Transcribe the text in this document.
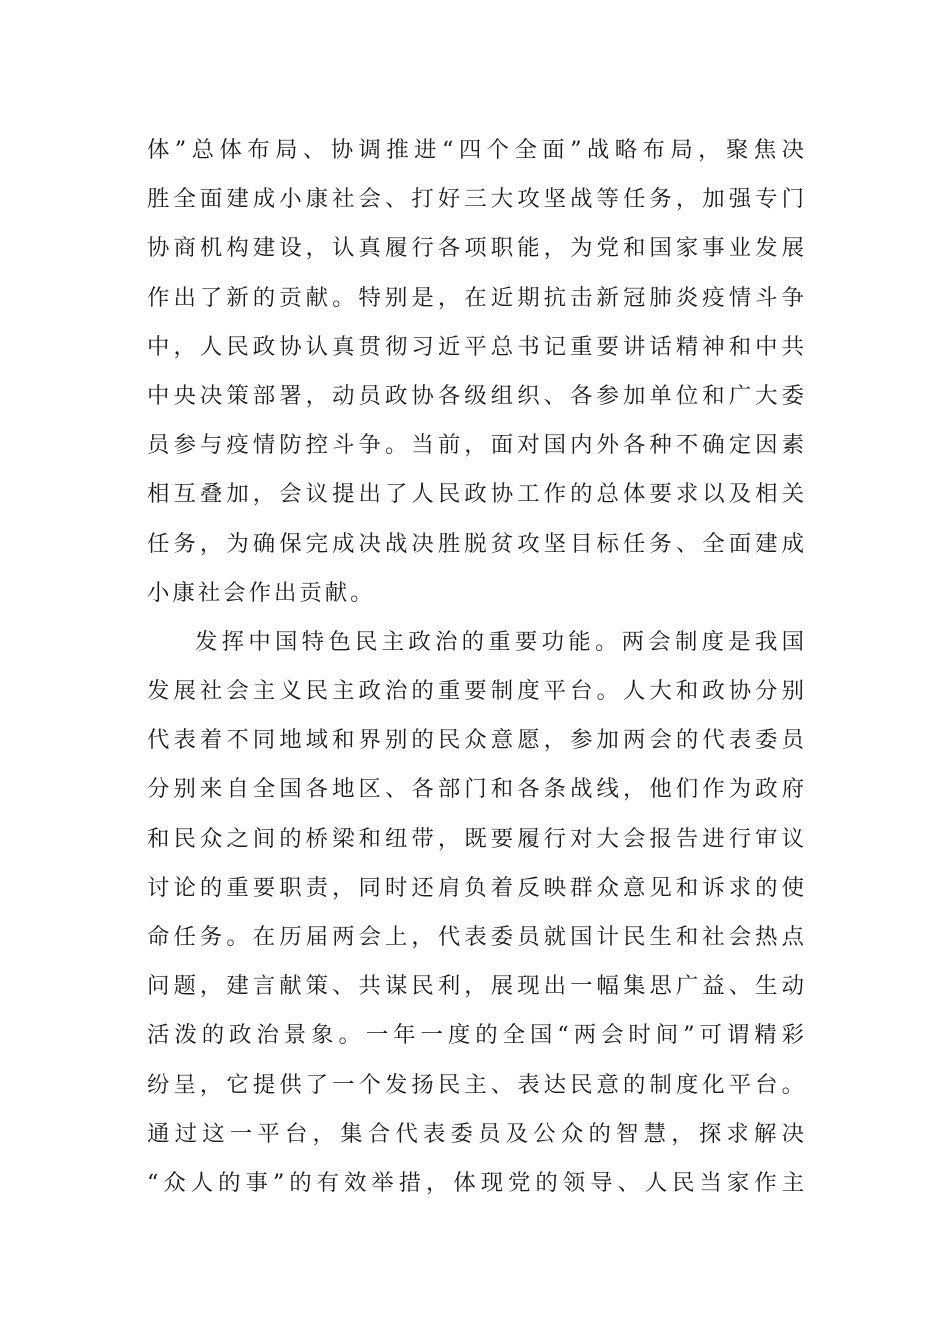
体”总体布局、协调推进“四个全面”战略布局，聚焦决
胜全面建成小康社会、打好三大攻坚战等任务，加强专门
协商机构建设，认真履行各项职能，为党和国家事业发展
作出了新的贡献。特别是，在近期抗击新冠肺炎疫情斗争
中，人民政协认真贯彻习近平总书记重要讲话精神和中共
中央决策部署，动员政协各级组织、各参加单位和广大委
员参与疫情防控斗争。当前，面对国内外各种不确定因素
相互叠加，会议提出了人民政协工作的总体要求以及相关
任务，为确保完成决战决胜脱贫攻坚目标任务、全面建成
小康社会作出贡献。
发挥中国特色民主政治的重要功能。两会制度是我国
发展社会主义民主政治的重要制度平台。人大和政协分别
代表着不同地域和界别的民众意愿，参加两会的代表委员
分别来自全国各地区、各部门和各条战线，他们作为政府
和民众之间的桥梁和纽带，既要履行对大会报告进行审议
讨论的重要职责，同时还肩负着反映群众意见和诉求的使
命任务。在历届两会上，代表委员就国计民生和社会热点
问题，建言献策、共谋民利，展现出一幅集思广益、生动
活泼的政治景象。一年一度的全国“两会时间”可谓精彩
纷呈，它提供了一个发扬民主、表达民意的制度化平台。
通过这一平台，集合代表委员及公众的智慧，探求解决
“众人的事”的有效举措，体现党的领导、人民当家作主
